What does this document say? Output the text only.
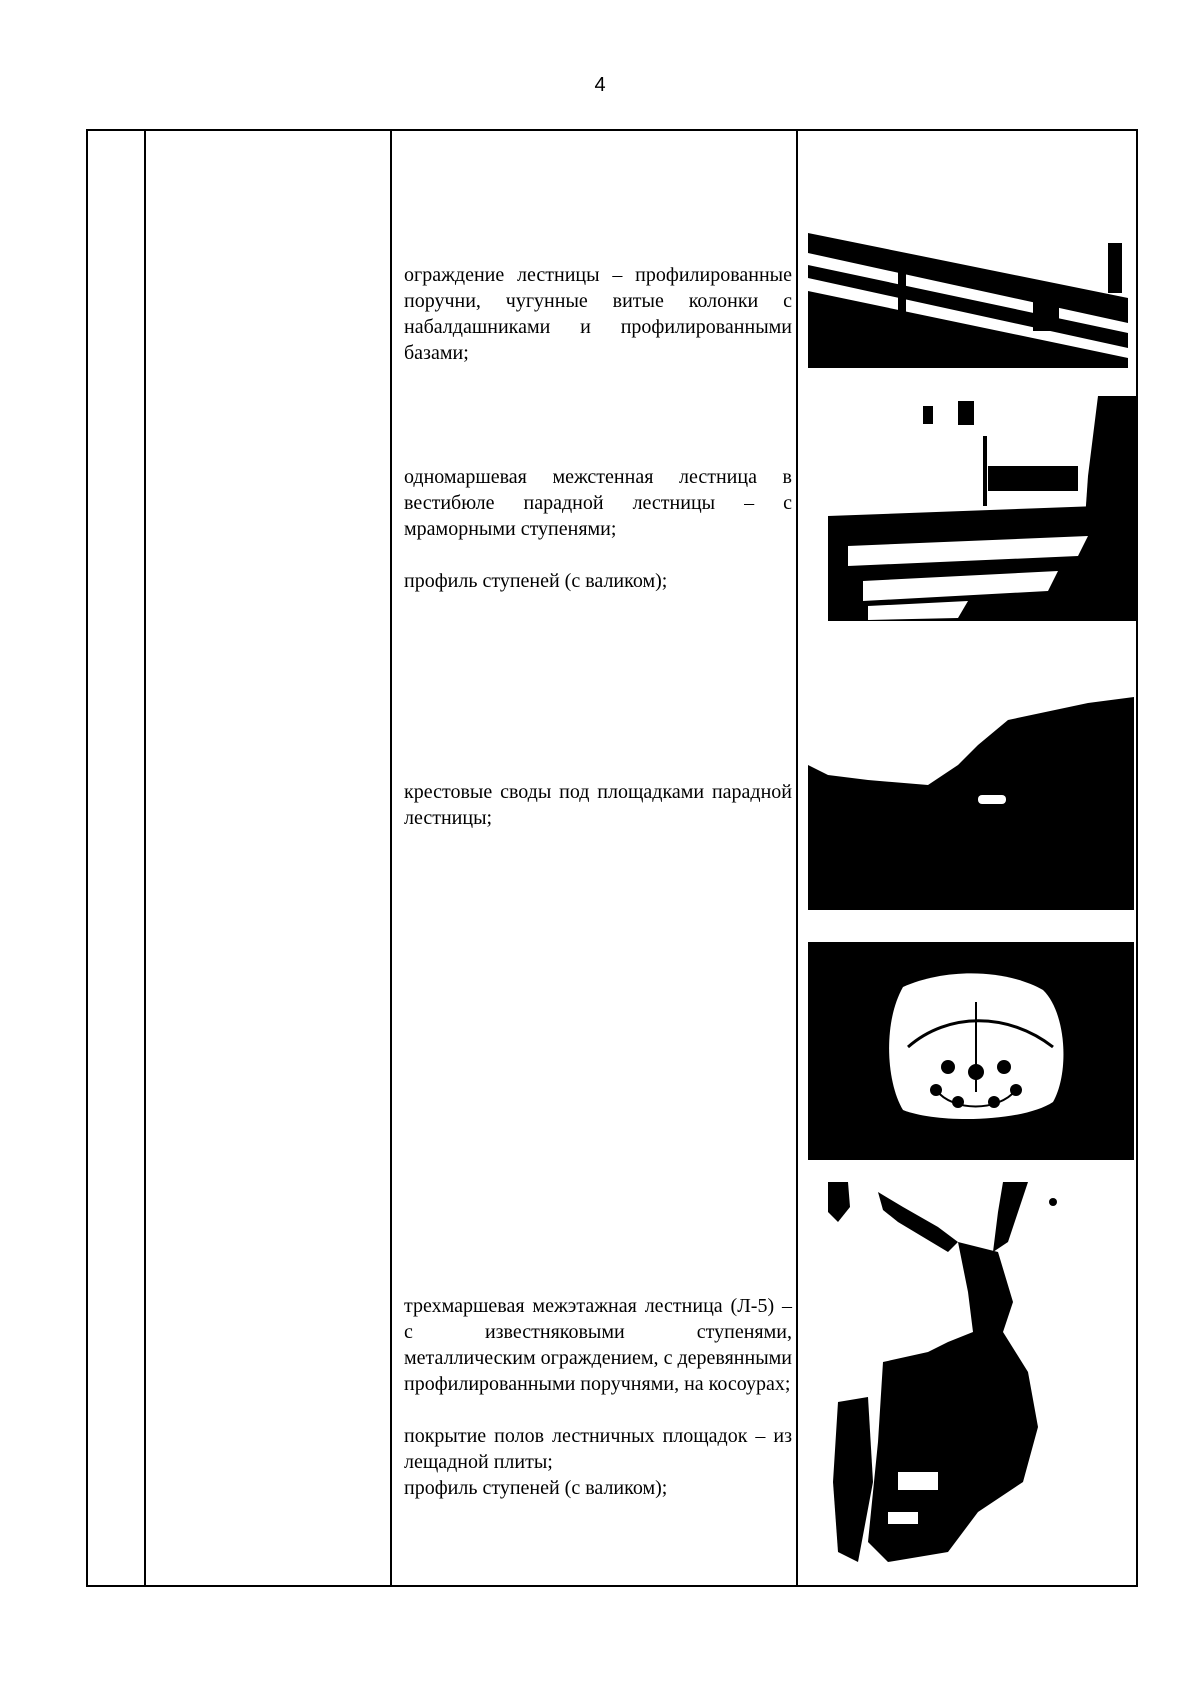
4

ограждение лестницы – профилированные поручни, чугунные витые колонки с набалдашниками и профилированными базами;

одномаршевая межстенная лестница в вестибюле парадной лестницы – с мраморными ступенями;

профиль ступеней (с валиком);

крестовые своды под площадками парадной лестницы;

трехмаршевая межэтажная лестница (Л-5) – с известняковыми ступенями, металлическим ограждением, с деревянными профилированными поручнями, на косоурах;

покрытие полов лестничных площадок – из лещадной плиты;

профиль ступеней (с валиком);
